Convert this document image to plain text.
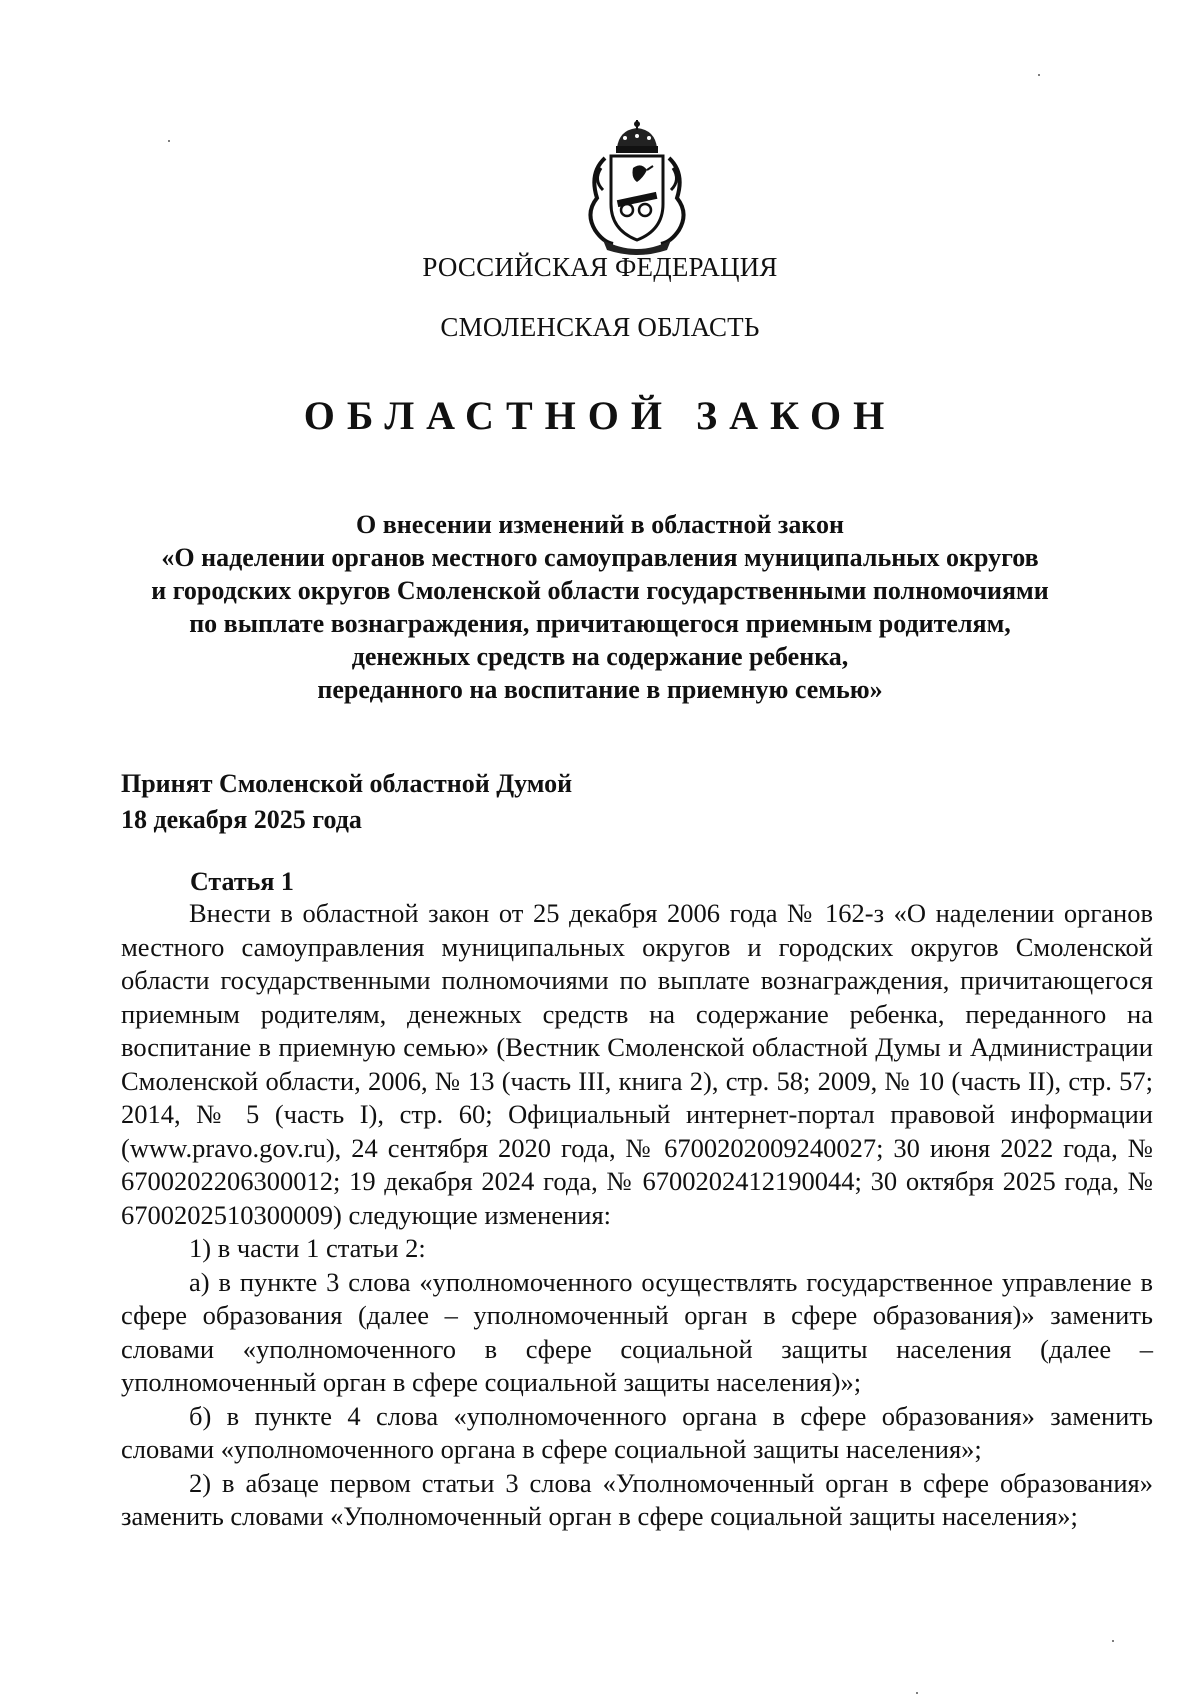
РОССИЙСКАЯ ФЕДЕРАЦИЯ
СМОЛЕНСКАЯ ОБЛАСТЬ
ОБЛАСТНОЙ ЗАКОН
О внесении изменений в областной закон
«О наделении органов местного самоуправления муниципальных округов
и городских округов Смоленской области государственными полномочиями
по выплате вознаграждения, причитающегося приемным родителям,
денежных средств на содержание ребенка,
переданного на воспитание в приемную семью»
Принят Смоленской областной Думой
18 декабря 2025 года
Статья 1

Внести в областной закон от 25 декабря 2006 года № 162-з «О наделении органов местного самоуправления муниципальных округов и городских округов Смоленской области государственными полномочиями по выплате вознаграждения, причитающегося приемным родителям, денежных средств на содержание ребенка, переданного на воспитание в приемную семью» (Вестник Смоленской областной Думы и Администрации Смоленской области, 2006, № 13 (часть III, книга 2), стр. 58; 2009, № 10 (часть II), стр. 57; 2014, № 5 (часть I), стр. 60; Официальный интернет-портал правовой информации (www.pravo.gov.ru), 24 сентября 2020 года, № 6700202009240027; 30 июня 2022 года, № 6700202206300012; 19 декабря 2024 года, № 6700202412190044; 30 октября 2025 года, № 6700202510300009) следующие изменения:

1) в части 1 статьи 2:

а) в пункте 3 слова «уполномоченного осуществлять государственное управление в сфере образования (далее – уполномоченный орган в сфере образования)» заменить словами «уполномоченного в сфере социальной защиты населения (далее – уполномоченный орган в сфере социальной защиты населения)»;

б) в пункте 4 слова «уполномоченного органа в сфере образования» заменить словами «уполномоченного органа в сфере социальной защиты населения»;

2) в абзаце первом статьи 3 слова «Уполномоченный орган в сфере образования» заменить словами «Уполномоченный орган в сфере социальной защиты населения»;
